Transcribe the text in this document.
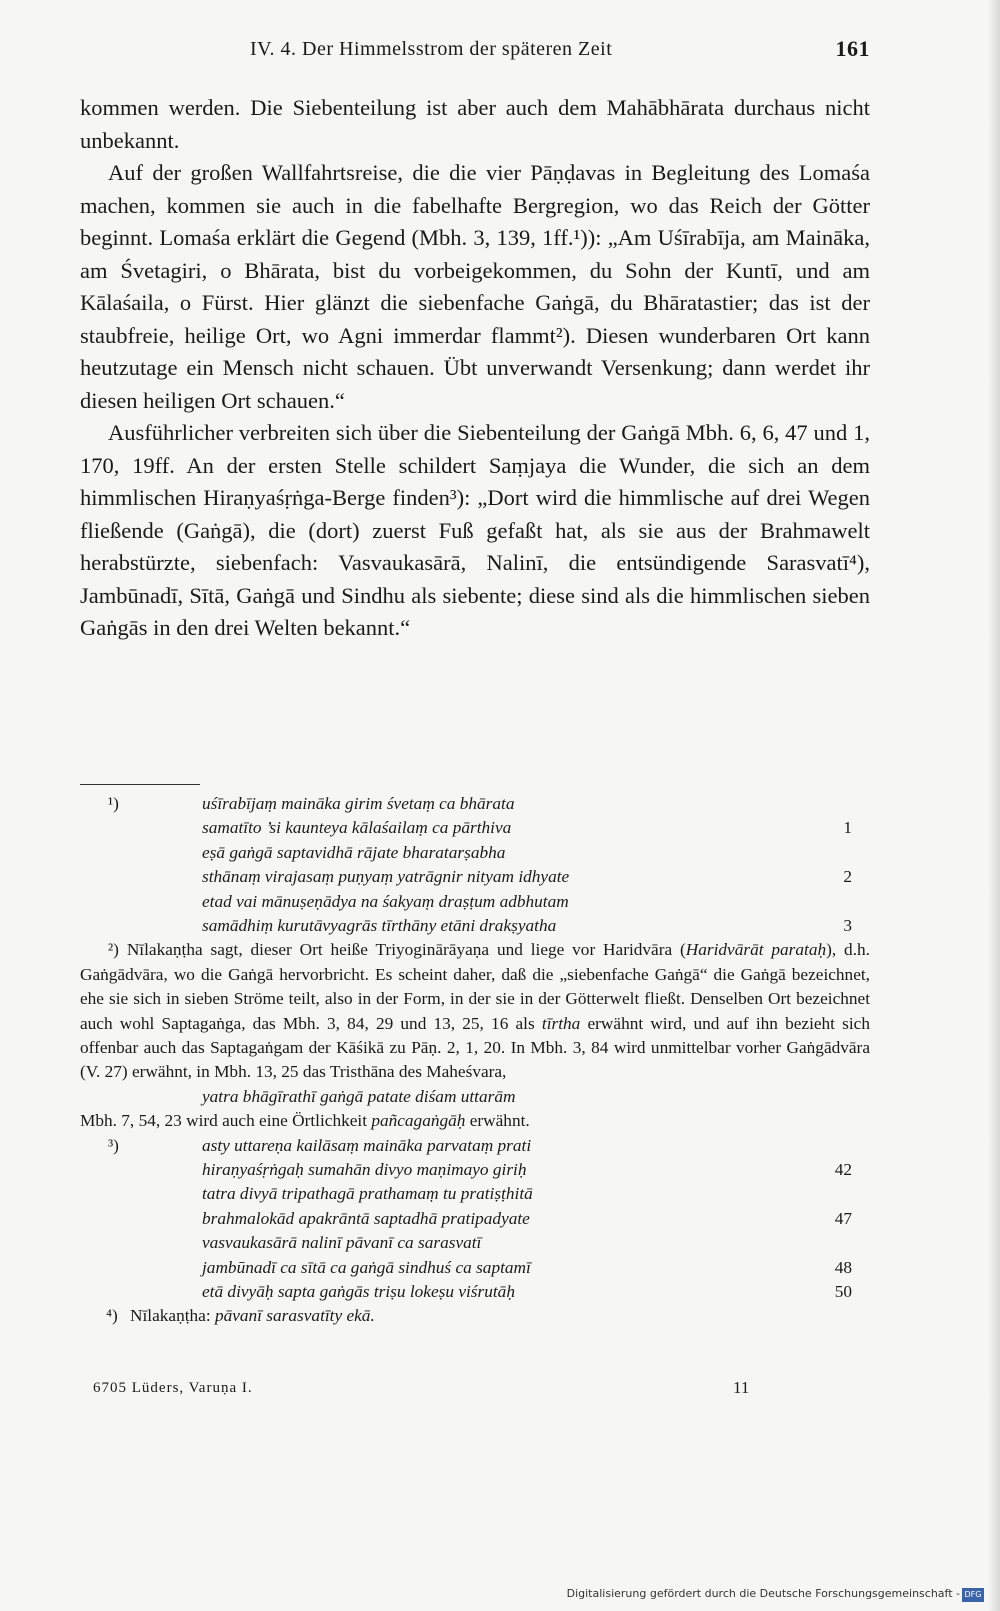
IV. 4. Der Himmelsstrom der späteren Zeit	161

kommen werden. Die Siebenteilung ist aber auch dem Mahābhārata durchaus nicht unbekannt.

Auf der großen Wallfahrtsreise, die die vier Pāṇḍavas in Begleitung des Lomaśa machen, kommen sie auch in die fabelhafte Bergregion, wo das Reich der Götter beginnt. Lomaśa erklärt die Gegend (Mbh. 3, 139, 1ff.¹)): „Am Uśīrabīja, am Maināka, am Śvetagiri, o Bhārata, bist du vorbeigekommen, du Sohn der Kuntī, und am Kālaśaila, o Fürst. Hier glänzt die siebenfache Gaṅgā, du Bhāratastier; das ist der staubfreie, heilige Ort, wo Agni immerdar flammt²). Diesen wunderbaren Ort kann heutzutage ein Mensch nicht schauen. Übt unverwandt Versenkung; dann werdet ihr diesen heiligen Ort schauen.“

Ausführlicher verbreiten sich über die Siebenteilung der Gaṅgā Mbh. 6, 6, 47 und 1, 170, 19ff. An der ersten Stelle schildert Saṃjaya die Wunder, die sich an dem himmlischen Hiraṇyaśṛṅga-Berge finden³): „Dort wird die himmlische auf drei Wegen fließende (Gaṅgā), die (dort) zuerst Fuß gefaßt hat, als sie aus der Brahmawelt herabstürzte, siebenfach: Vasvaukasārā, Nalinī, die entsündigende Sarasvatī⁴), Jambūnadī, Sītā, Gaṅgā und Sindhu als siebente; diese sind als die himmlischen sieben Gaṅgās in den drei Welten bekannt.“

¹)	uśīrabījaṃ maināka girim śvetaṃ ca bhārata
samatīto ’si kaunteya kālaśailaṃ ca pārthiva	1
eṣā gaṅgā saptavidhā rājate bharatarṣabha
sthānaṃ virajasaṃ puṇyaṃ yatrāgnir nityam idhyate	2
etad vai mānuṣeṇādya na śakyaṃ draṣṭum adbhutam
samādhiṃ kurutāvyagrās tīrthāny etāni drakṣyatha	3

²) Nīlakaṇṭha sagt, dieser Ort heiße Triyoginārāyaṇa und liege vor Haridvāra (Haridvārāt parataḥ), d.h. Gaṅgādvāra, wo die Gaṅgā hervorbricht. Es scheint daher, daß die „siebenfache Gaṅgā“ die Gaṅgā bezeichnet, ehe sie sich in sieben Ströme teilt, also in der Form, in der sie in der Götterwelt fließt. Denselben Ort bezeichnet auch wohl Saptagaṅga, das Mbh. 3, 84, 29 und 13, 25, 16 als tīrtha erwähnt wird, und auf ihn bezieht sich offenbar auch das Saptagaṅgam der Kāśikā zu Pāṇ. 2, 1, 20. In Mbh. 3, 84 wird unmittelbar vorher Gaṅgādvāra (V. 27) erwähnt, in Mbh. 13, 25 das Tristhāna des Maheśvara,

yatra bhāgīrathī gaṅgā patate diśam uttarām

Mbh. 7, 54, 23 wird auch eine Örtlichkeit pañcagaṅgāḥ erwähnt.

³)	asty uttareṇa kailāsaṃ maināka parvataṃ prati
hiraṇyaśṛṅgaḥ sumahān divyo maṇimayo giriḥ	42
tatra divyā tripathagā prathamaṃ tu pratiṣṭhitā
brahmalokād apakrāntā saptadhā pratipadyate	47
vasvaukasārā nalinī pāvanī ca sarasvatī
jambūnadī ca sītā ca gaṅgā sindhuś ca saptamī	48
etā divyāḥ sapta gaṅgās triṣu lokeṣu viśrutāḥ	50
⁴) Nīlakaṇṭha: pāvanī sarasvatīty ekā.
6705 Lüders, Varuṇa I.	11
Digitalisierung gefördert durch die Deutsche Forschungsgemeinschaft - DFG
